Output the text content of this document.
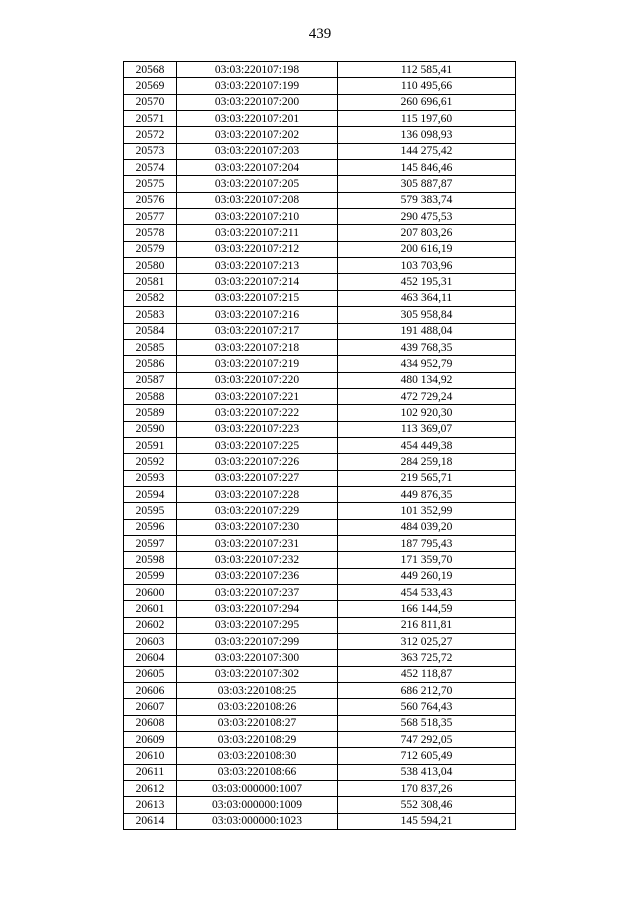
439
20568	03:03:220107:198	112 585,41
20569	03:03:220107:199	110 495,66
20570	03:03:220107:200	260 696,61
20571	03:03:220107:201	115 197,60
20572	03:03:220107:202	136 098,93
20573	03:03:220107:203	144 275,42
20574	03:03:220107:204	145 846,46
20575	03:03:220107:205	305 887,87
20576	03:03:220107:208	579 383,74
20577	03:03:220107:210	290 475,53
20578	03:03:220107:211	207 803,26
20579	03:03:220107:212	200 616,19
20580	03:03:220107:213	103 703,96
20581	03:03:220107:214	452 195,31
20582	03:03:220107:215	463 364,11
20583	03:03:220107:216	305 958,84
20584	03:03:220107:217	191 488,04
20585	03:03:220107:218	439 768,35
20586	03:03:220107:219	434 952,79
20587	03:03:220107:220	480 134,92
20588	03:03:220107:221	472 729,24
20589	03:03:220107:222	102 920,30
20590	03:03:220107:223	113 369,07
20591	03:03:220107:225	454 449,38
20592	03:03:220107:226	284 259,18
20593	03:03:220107:227	219 565,71
20594	03:03:220107:228	449 876,35
20595	03:03:220107:229	101 352,99
20596	03:03:220107:230	484 039,20
20597	03:03:220107:231	187 795,43
20598	03:03:220107:232	171 359,70
20599	03:03:220107:236	449 260,19
20600	03:03:220107:237	454 533,43
20601	03:03:220107:294	166 144,59
20602	03:03:220107:295	216 811,81
20603	03:03:220107:299	312 025,27
20604	03:03:220107:300	363 725,72
20605	03:03:220107:302	452 118,87
20606	03:03:220108:25	686 212,70
20607	03:03:220108:26	560 764,43
20608	03:03:220108:27	568 518,35
20609	03:03:220108:29	747 292,05
20610	03:03:220108:30	712 605,49
20611	03:03:220108:66	538 413,04
20612	03:03:000000:1007	170 837,26
20613	03:03:000000:1009	552 308,46
20614	03:03:000000:1023	145 594,21
